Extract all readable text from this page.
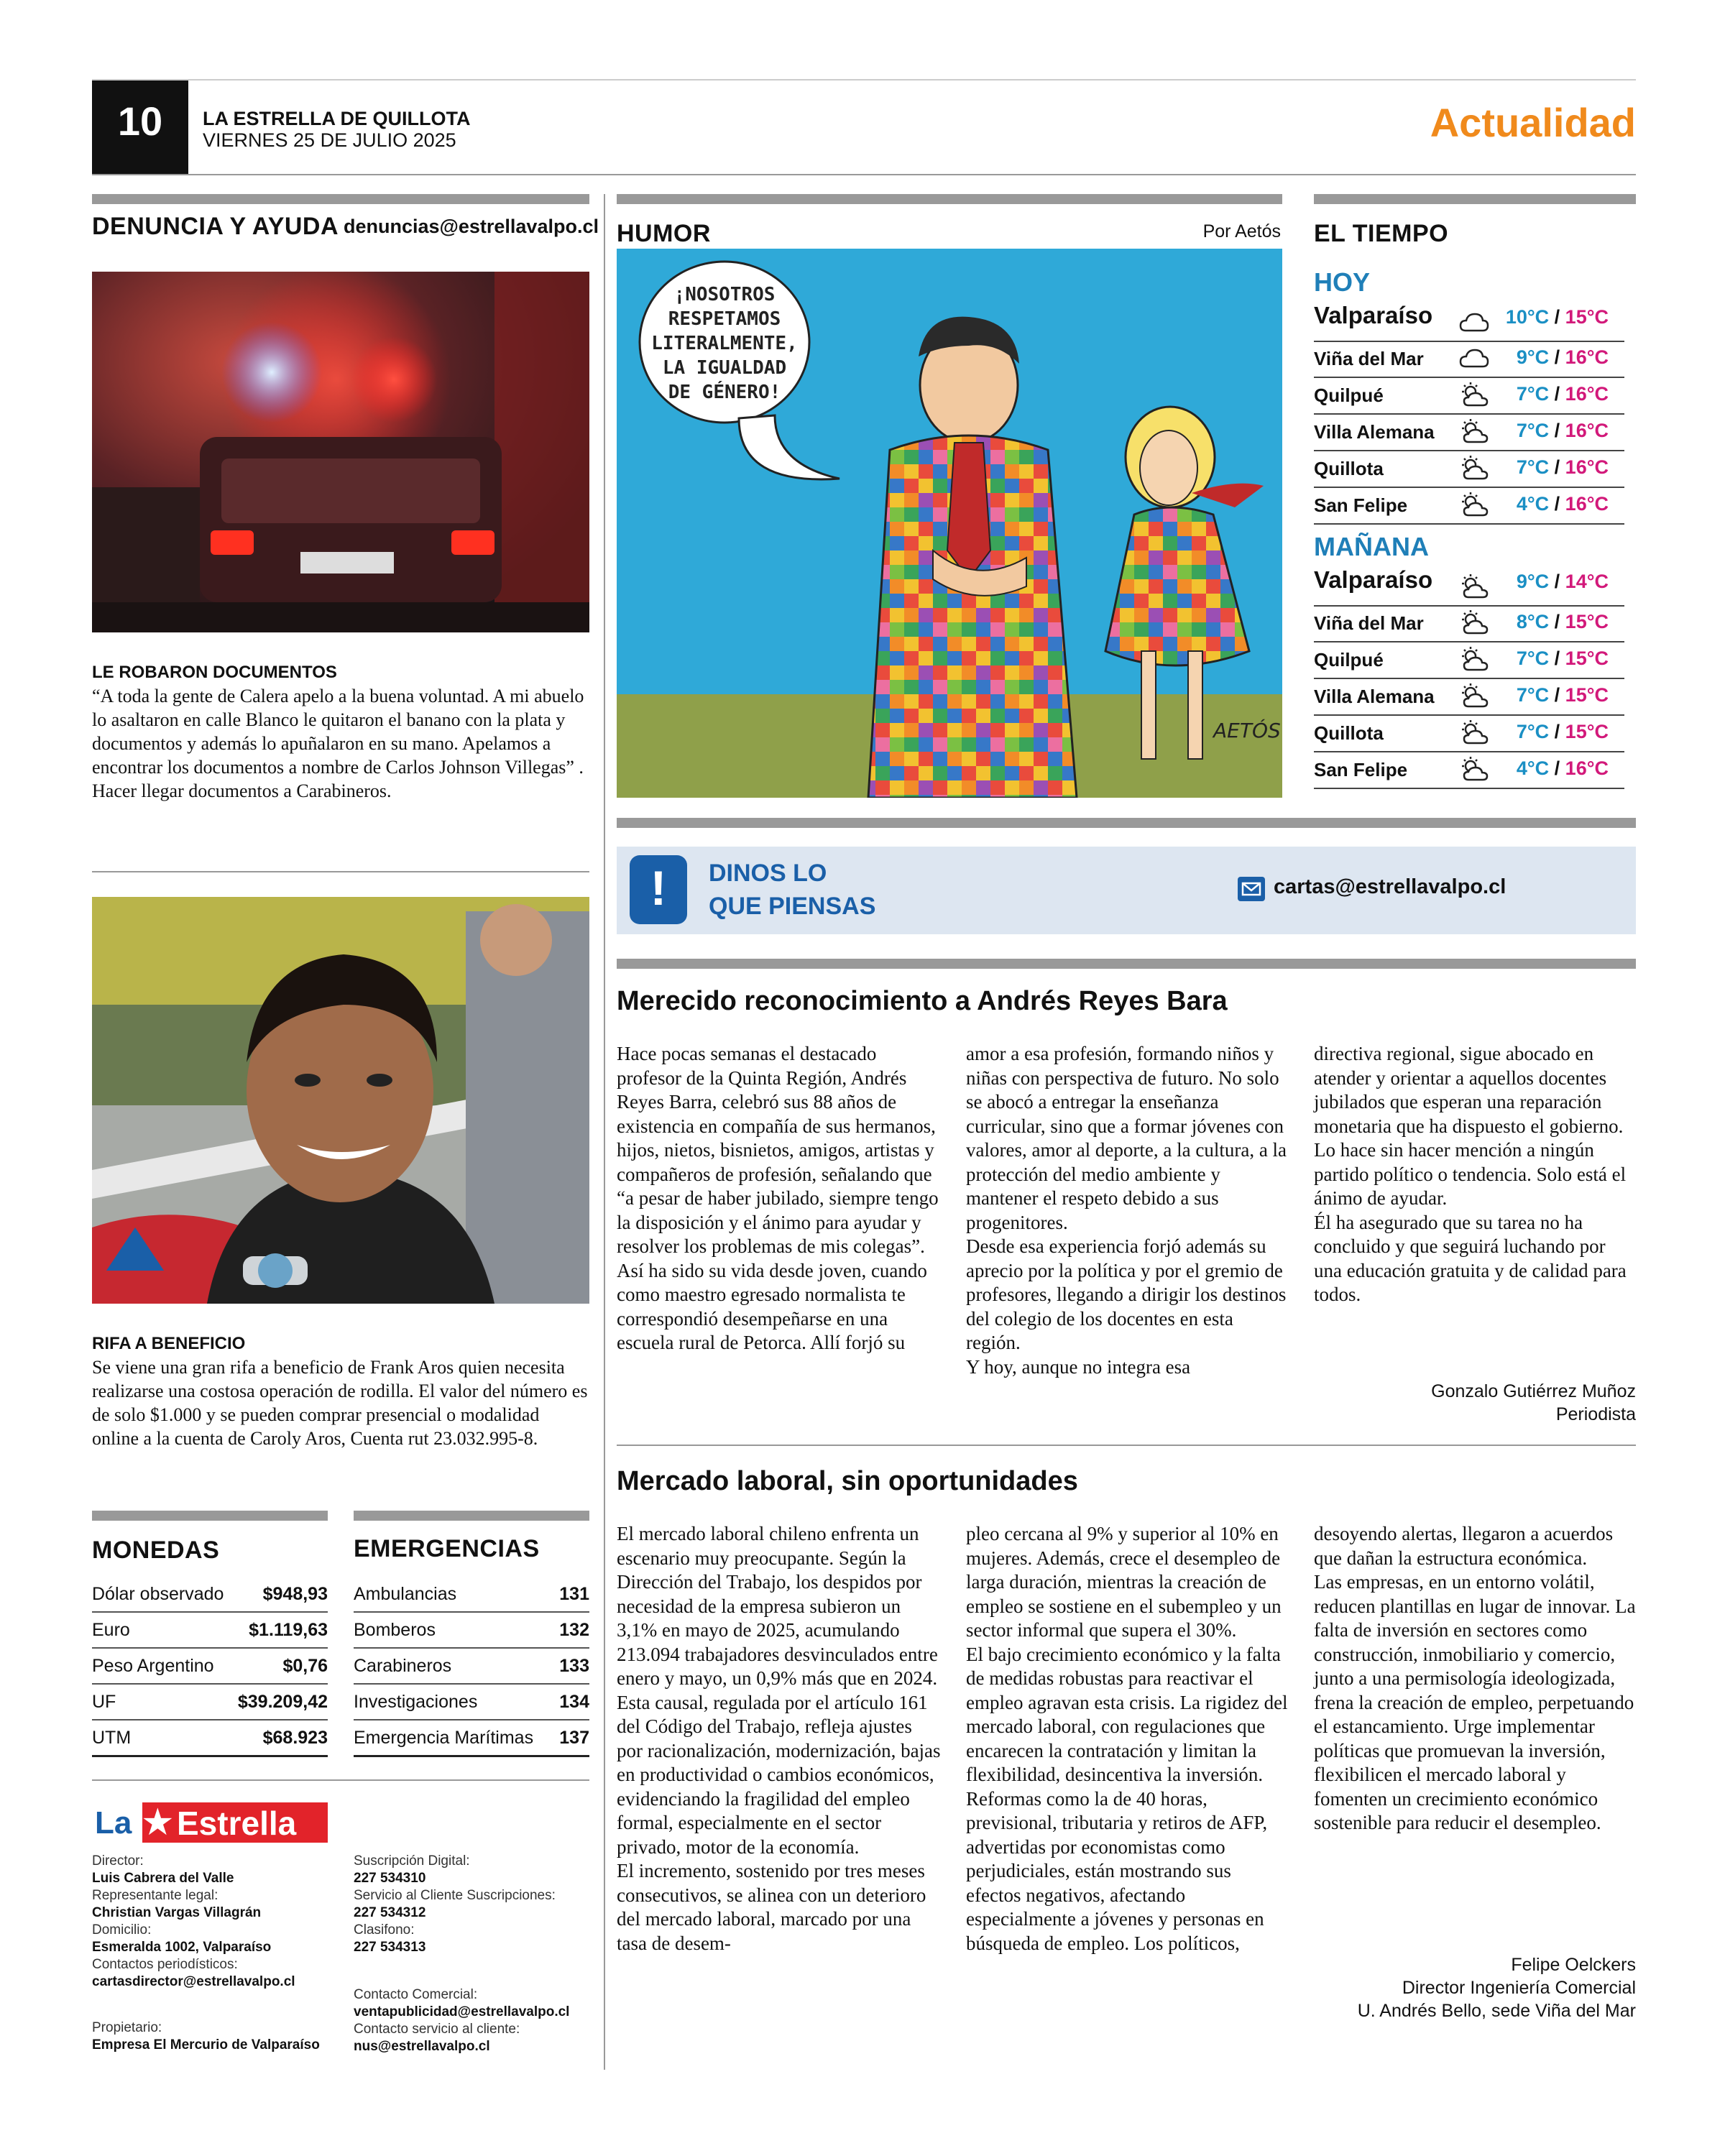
10	LA ESTRELLA DE QUILLOTA
VIERNES 25 DE JULIO 2025	Actualidad
DENUNCIA Y AYUDA denuncias@estrellavalpo.cl
LE ROBARON DOCUMENTOS
“A toda la gente de Calera apelo a la buena voluntad. A mi abuelo lo asaltaron en calle Blanco le quitaron el banano con la plata y documentos y además lo apuñalaron en su mano. Apelamos a encontrar los documentos a nombre de Carlos Johnson Villegas” . Hacer llegar documentos a Carabineros.
RIFA A BENEFICIO
Se viene una gran rifa a beneficio de Frank Aros quien necesita realizarse una costosa operación de rodilla. El valor del número es de solo $1.000 y se pueden comprar presencial o modalidad online a la cuenta de Caroly Aros, Cuenta rut 23.032.995-8.
MONEDAS	EMERGENCIAS
Dólar observado	$948,93
Euro	$1.119,63
Peso Argentino	$0,76
UF	$39.209,42
UTM	$68.923
Ambulancias	131
Bomberos	132
Carabineros	133
Investigaciones	134
Emergencia Marítimas	137
La ★ Estrella
Director:
Luis Cabrera del Valle
Representante legal:
Christian Vargas Villagrán
Domicilio:
Esmeralda 1002, Valparaíso
Contactos periodísticos:
cartasdirector@estrellavalpo.cl
Propietario:
Empresa El Mercurio de Valparaíso
Suscripción Digital:
227 534310
Servicio al Cliente Suscripciones:
227 534312
Clasifono:
227 534313
Contacto Comercial:
ventapublicidad@estrellavalpo.cl
Contacto servicio al cliente:
nus@estrellavalpo.cl
HUMOR	Por Aetós
¡NOSOTROS
RESPETAMOS
LITERALMENTE,
LA IGUALDAD
DE GÉNERO!
AETÓS
EL TIEMPO
HOY
Valparaíso	10°C / 15°C
Viña del Mar	9°C / 16°C
Quilpué	7°C / 16°C
Villa Alemana	7°C / 16°C
Quillota	7°C / 16°C
San Felipe	4°C / 16°C
MAÑANA
Valparaíso	9°C / 14°C
Viña del Mar	8°C / 15°C
Quilpué	7°C / 15°C
Villa Alemana	7°C / 15°C
Quillota	7°C / 15°C
San Felipe	4°C / 16°C
!	DINOS LO
QUE PIENSAS
cartas@estrellavalpo.cl
Merecido reconocimiento a Andrés Reyes Bara

Hace pocas semanas el destacado profesor de la Quinta Región, Andrés Reyes Barra, celebró sus 88 años de existencia en compañía de sus hermanos, hijos, nietos, bisnietos, amigos, artistas y compañeros de profesión, señalando que “a pesar de haber jubilado, siempre tengo la disposición y el ánimo para ayudar y resolver los problemas de mis colegas”.

Así ha sido su vida desde joven, cuando como maestro egresado normalista te correspondió desempeñarse en una escuela rural de Petorca. Allí forjó su

amor a esa profesión, formando niños y niñas con perspectiva de futuro. No solo se abocó a entregar la enseñanza curricular, sino que a formar jóvenes con valores, amor al deporte, a la cultura, a la protección del medio ambiente y mantener el respeto debido a sus progenitores.

Desde esa experiencia forjó además su aprecio por la política y por el gremio de profesores, llegando a dirigir los destinos del colegio de los docentes en esta región.

Y hoy, aunque no integra esa

directiva regional, sigue abocado en atender y orientar a aquellos docentes jubilados que esperan una reparación monetaria que ha dispuesto el gobierno.

Lo hace sin hacer mención a ningún partido político o tendencia. Solo está el ánimo de ayudar.

Él ha asegurado que su tarea no ha concluido y que seguirá luchando por una educación gratuita y de calidad para todos.

Gonzalo Gutiérrez Muñoz
Periodista
Mercado laboral, sin oportunidades

El mercado laboral chileno enfrenta un escenario muy preocupante. Según la Dirección del Trabajo, los despidos por necesidad de la empresa subieron un 3,1% en mayo de 2025, acumulando 213.094 trabajadores desvinculados entre enero y mayo, un 0,9% más que en 2024. Esta causal, regulada por el artículo 161 del Código del Trabajo, refleja ajustes por racionalización, modernización, bajas en productividad o cambios económicos, evidenciando la fragilidad del empleo formal, especialmente en el sector privado, motor de la economía.

El incremento, sostenido por tres meses consecutivos, se alinea con un deterioro del mercado laboral, marcado por una tasa de desem-

pleo cercana al 9% y superior al 10% en mujeres. Además, crece el desempleo de larga duración, mientras la creación de empleo se sostiene en el subempleo y un sector informal que supera el 30%.

El bajo crecimiento económico y la falta de medidas robustas para reactivar el empleo agravan esta crisis. La rigidez del mercado laboral, con regulaciones que encarecen la contratación y limitan la flexibilidad, desincentiva la inversión. Reformas como la de 40 horas, previsional, tributaria y retiros de AFP, advertidas por economistas como perjudiciales, están mostrando sus efectos negativos, afectando especialmente a jóvenes y personas en búsqueda de empleo. Los políticos,

desoyendo alertas, llegaron a acuerdos que dañan la estructura económica.

Las empresas, en un entorno volátil, reducen plantillas en lugar de innovar. La falta de inversión en sectores como construcción, inmobiliario y comercio, junto a una permisología ideologizada, frena la creación de empleo, perpetuando el estancamiento. Urge implementar políticas que promuevan la inversión, flexibilicen el mercado laboral y fomenten un crecimiento económico sostenible para reducir el desempleo.

Felipe Oelckers
Director Ingeniería Comercial
U. Andrés Bello, sede Viña del Mar
